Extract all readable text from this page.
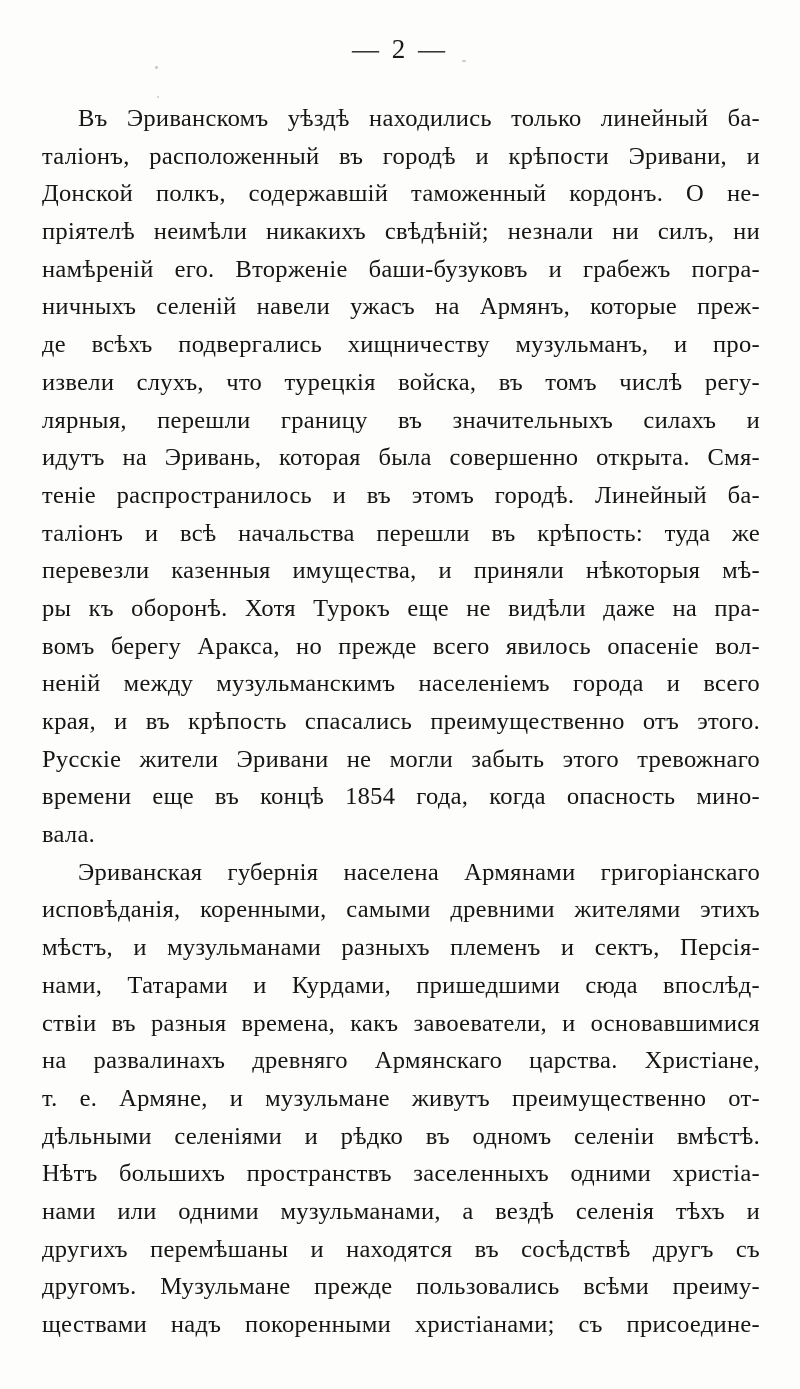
— 2 —
Въ Эриванскомъ уѣздѣ находились только линейный ба-
таліонъ, расположенный въ городѣ и крѣпости Эривани, и
Донской полкъ, содержавшій таможенный кордонъ. О не-
пріятелѣ неимѣли никакихъ свѣдѣній; незнали ни силъ, ни
намѣреній его. Вторженіе баши-бузуковъ и грабежъ погра-
ничныхъ селеній навели ужасъ на Армянъ, которые преж-
де всѣхъ подвергались хищничеству музульманъ, и про-
извели слухъ, что турецкія войска, въ томъ числѣ регу-
лярныя, перешли границу въ значительныхъ силахъ и
идутъ на Эривань, которая была совершенно открыта. Смя-
теніе распространилось и въ этомъ городѣ. Линейный ба-
таліонъ и всѣ начальства перешли въ крѣпость: туда же
перевезли казенныя имущества, и приняли нѣкоторыя мѣ-
ры къ оборонѣ. Хотя Турокъ еще не видѣли даже на пра-
вомъ берегу Аракса, но прежде всего явилось опасеніе вол-
неній между музульманскимъ населеніемъ города и всего
края, и въ крѣпость спасались преимущественно отъ этого.
Русскіе жители Эривани не могли забыть этого тревожнаго
времени еще въ концѣ 1854 года, когда опасность мино-
вала.
Эриванская губернія населена Армянами григоріанскаго
исповѣданія, коренными, самыми древними жителями этихъ
мѣстъ, и музульманами разныхъ племенъ и сектъ, Персія-
нами, Татарами и Курдами, пришедшими сюда впослѣд-
ствіи въ разныя времена, какъ завоеватели, и основавшимися
на развалинахъ древняго Армянскаго царства. Христіане,
т. е. Армяне, и музульмане живутъ преимущественно от-
дѣльными селеніями и рѣдко въ одномъ селеніи вмѣстѣ.
Нѣтъ большихъ пространствъ заселенныхъ одними христіа-
нами или одними музульманами, а вездѣ селенія тѣхъ и
другихъ перемѣшаны и находятся въ сосѣдствѣ другъ съ
другомъ. Музульмане прежде пользовались всѣми преиму-
ществами надъ покоренными христіанами; съ присоедине-
